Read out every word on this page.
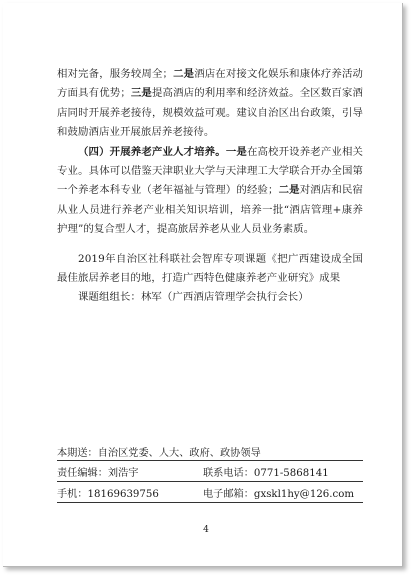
相对完备，服务较周全；二是酒店在对接文化娱乐和康体疗养活动方面具有优势；三是提高酒店的利用率和经济效益。全区数百家酒店同时开展养老接待，规模效益可观。建议自治区出台政策，引导和鼓励酒店业开展旅居养老接待。

（四）开展养老产业人才培养。一是在高校开设养老产业相关专业。具体可以借鉴天津职业大学与天津理工大学联合开办全国第一个养老本科专业（老年福祉与管理）的经验；二是对酒店和民宿从业人员进行养老产业相关知识培训，培养一批“酒店管理+康养护理”的复合型人才，提高旅居养老从业人员业务素质。

2019年自治区社科联社会智库专项课题《把广西建设成全国最佳旅居养老目的地，打造广西特色健康养老产业研究》成果

课题组组长：林军（广西酒店管理学会执行会长）

本期送：自治区党委、人大、政府、政协领导
责任编辑：刘浩宇	联系电话：0771-5868141
手机：18169639756	电子邮箱：gxskl1hy@126.com
4
